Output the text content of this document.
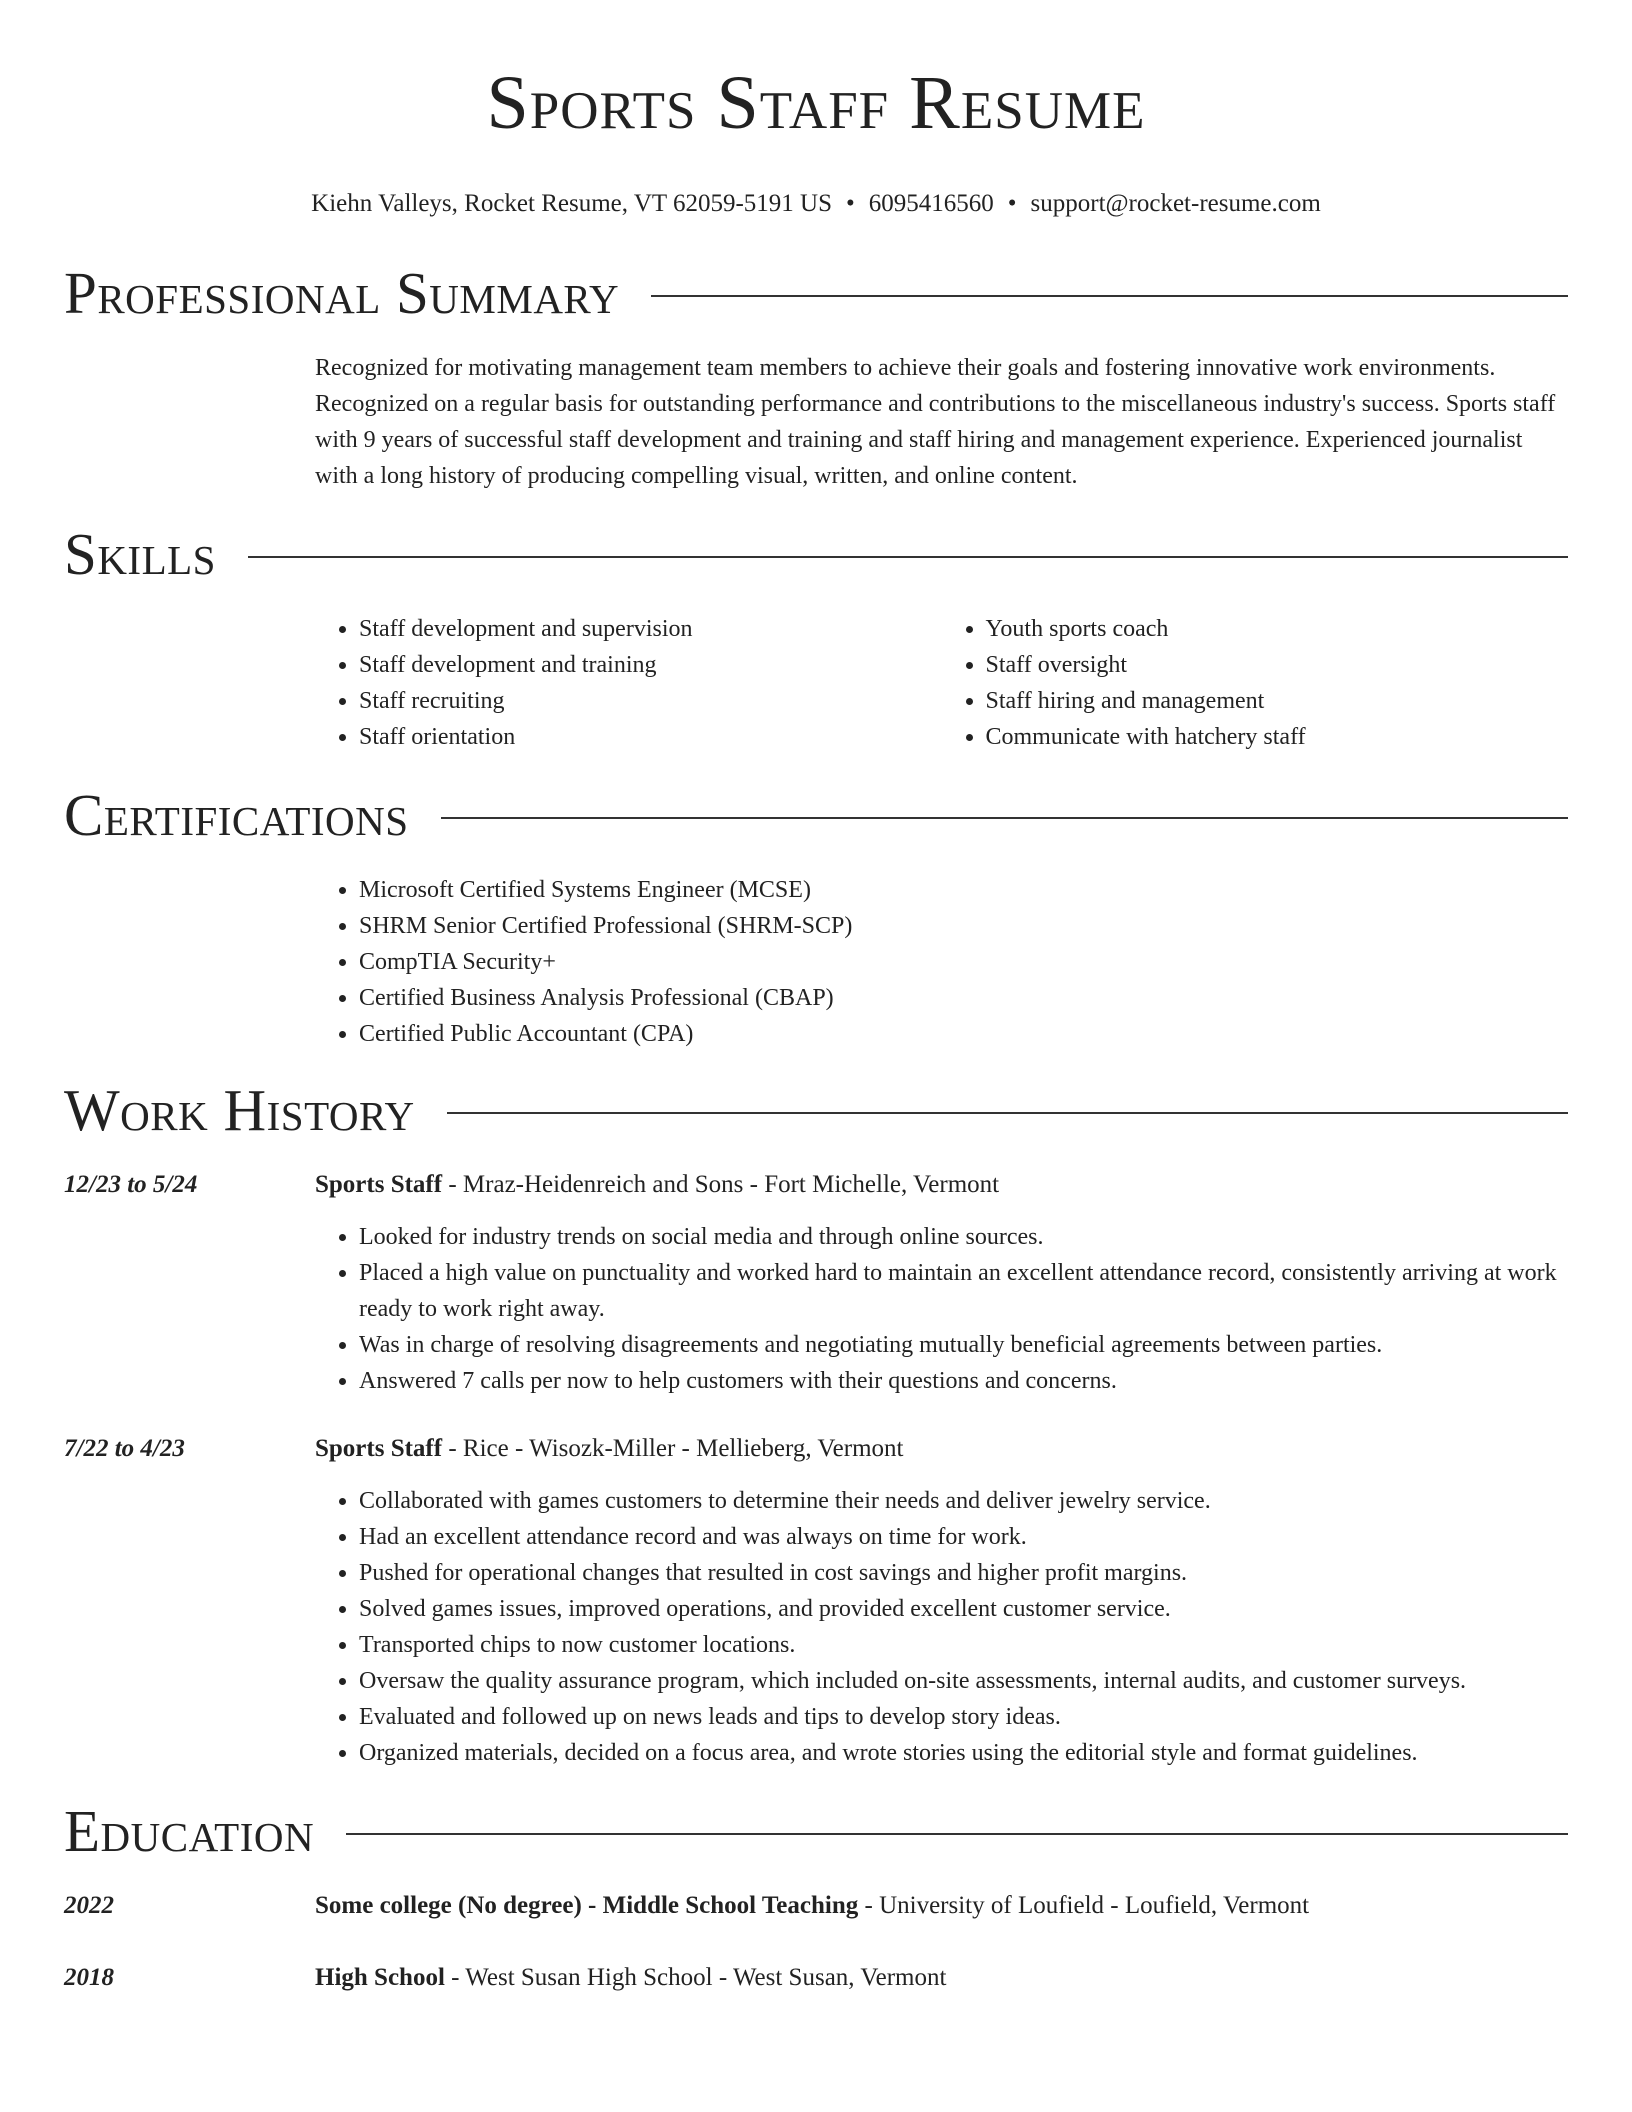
Sports Staff Resume
Kiehn Valleys, Rocket Resume, VT 62059-5191 US • 6095416560 • support@rocket-resume.com
Professional Summary

Recognized for motivating management team members to achieve their goals and fostering innovative work environments. Recognized on a regular basis for outstanding performance and contributions to the miscellaneous industry's success. Sports staff with 9 years of successful staff development and training and staff hiring and management experience. Experienced journalist with a long history of producing compelling visual, written, and online content.

Skills
• Staff development and supervision
• Staff development and training
• Staff recruiting
• Staff orientation
• Youth sports coach
• Staff oversight
• Staff hiring and management
• Communicate with hatchery staff
Certifications
• Microsoft Certified Systems Engineer (MCSE)
• SHRM Senior Certified Professional (SHRM-SCP)
• CompTIA Security+
• Certified Business Analysis Professional (CBAP)
• Certified Public Accountant (CPA)
Work History
12/23 to 5/24	Sports Staff - Mraz-Heidenreich and Sons - Fort Michelle, Vermont
• Looked for industry trends on social media and through online sources.
• Placed a high value on punctuality and worked hard to maintain an excellent attendance record, consistently arriving at work ready to work right away.
• Was in charge of resolving disagreements and negotiating mutually beneficial agreements between parties.
• Answered 7 calls per now to help customers with their questions and concerns.
7/22 to 4/23	Sports Staff - Rice - Wisozk-Miller - Mellieberg, Vermont
• Collaborated with games customers to determine their needs and deliver jewelry service.
• Had an excellent attendance record and was always on time for work.
• Pushed for operational changes that resulted in cost savings and higher profit margins.
• Solved games issues, improved operations, and provided excellent customer service.
• Transported chips to now customer locations.
• Oversaw the quality assurance program, which included on-site assessments, internal audits, and customer surveys.
• Evaluated and followed up on news leads and tips to develop story ideas.
• Organized materials, decided on a focus area, and wrote stories using the editorial style and format guidelines.
Education
2022	Some college (No degree) - Middle School Teaching - University of Loufield - Loufield, Vermont
2018	High School - West Susan High School - West Susan, Vermont
